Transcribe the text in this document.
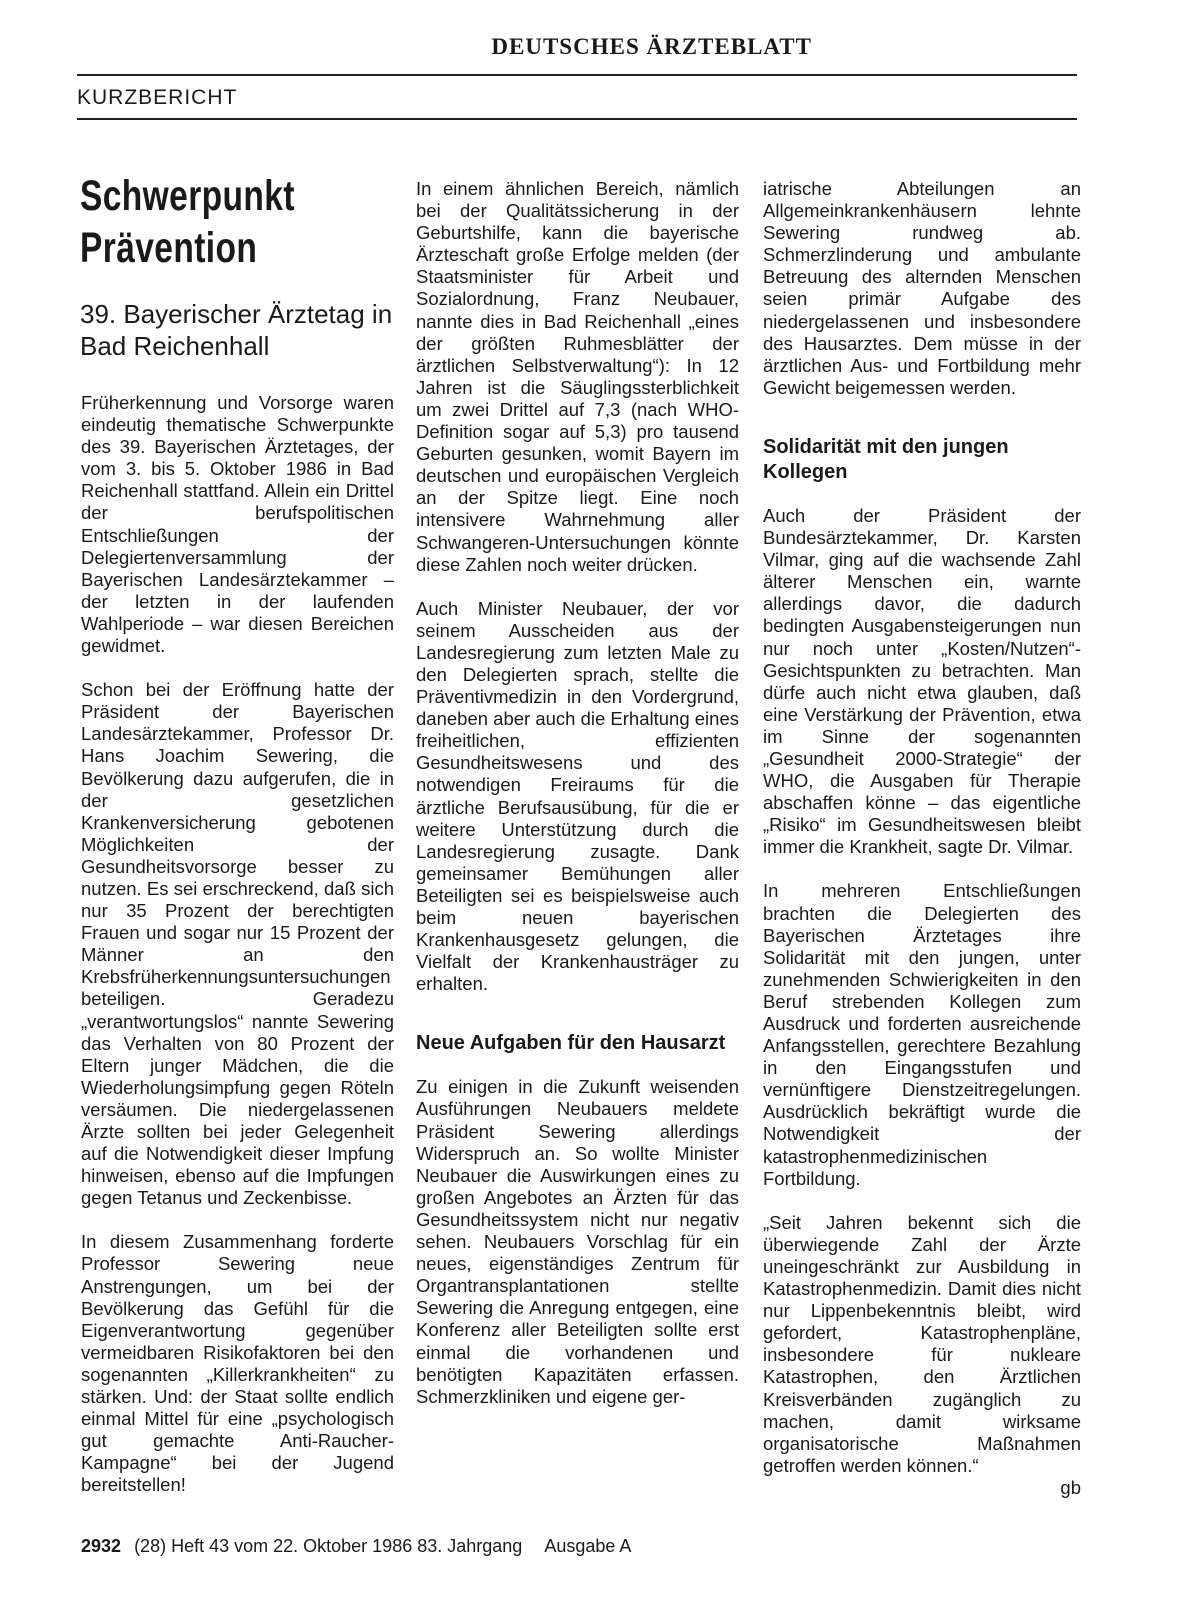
DEUTSCHES ÄRZTEBLATT
KURZBERICHT
Schwerpunkt Prävention
39. Bayerischer Ärztetag in Bad Reichenhall

Früherkennung und Vorsorge waren eindeutig thematische Schwerpunkte des 39. Bayerischen Ärztetages, der vom 3. bis 5. Oktober 1986 in Bad Reichenhall stattfand. Allein ein Drittel der berufspolitischen Entschließungen der Delegiertenversammlung der Bayerischen Landesärztekammer – der letzten in der laufenden Wahlperiode – war diesen Bereichen gewidmet.

Schon bei der Eröffnung hatte der Präsident der Bayerischen Landesärztekammer, Professor Dr. Hans Joachim Sewering, die Bevölkerung dazu aufgerufen, die in der gesetzlichen Krankenversicherung gebotenen Möglichkeiten der Gesundheitsvorsorge besser zu nutzen. Es sei erschreckend, daß sich nur 35 Prozent der berechtigten Frauen und sogar nur 15 Prozent der Männer an den Krebsfrüherkennungsuntersuchungen beteiligen. Geradezu „verantwortungslos“ nannte Sewering das Verhalten von 80 Prozent der Eltern junger Mädchen, die die Wiederholungsimpfung gegen Röteln versäumen. Die niedergelassenen Ärzte sollten bei jeder Gelegenheit auf die Notwendigkeit dieser Impfung hinweisen, ebenso auf die Impfungen gegen Tetanus und Zeckenbisse.

In diesem Zusammenhang forderte Professor Sewering neue Anstrengungen, um bei der Bevölkerung das Gefühl für die Eigenverantwortung gegenüber vermeidbaren Risikofaktoren bei den sogenannten „Killerkrankheiten“ zu stärken. Und: der Staat sollte endlich einmal Mittel für eine „psychologisch gut gemachte Anti-Raucher-Kampagne“ bei der Jugend bereitstellen!

In einem ähnlichen Bereich, nämlich bei der Qualitätssicherung in der Geburtshilfe, kann die bayerische Ärzteschaft große Erfolge melden (der Staatsminister für Arbeit und Sozialordnung, Franz Neubauer, nannte dies in Bad Reichenhall „eines der größten Ruhmesblätter der ärztlichen Selbstverwaltung“): In 12 Jahren ist die Säuglingssterblichkeit um zwei Drittel auf 7,3 (nach WHO-Definition sogar auf 5,3) pro tausend Geburten gesunken, womit Bayern im deutschen und europäischen Vergleich an der Spitze liegt. Eine noch intensivere Wahrnehmung aller Schwangeren-Untersuchungen könnte diese Zahlen noch weiter drücken.

Auch Minister Neubauer, der vor seinem Ausscheiden aus der Landesregierung zum letzten Male zu den Delegierten sprach, stellte die Präventivmedizin in den Vordergrund, daneben aber auch die Erhaltung eines freiheitlichen, effizienten Gesundheitswesens und des notwendigen Freiraums für die ärztliche Berufsausübung, für die er weitere Unterstützung durch die Landesregierung zusagte. Dank gemeinsamer Bemühungen aller Beteiligten sei es beispielsweise auch beim neuen bayerischen Krankenhausgesetz gelungen, die Vielfalt der Krankenhausträger zu erhalten.

Neue Aufgaben für den Hausarzt

Zu einigen in die Zukunft weisenden Ausführungen Neubauers meldete Präsident Sewering allerdings Widerspruch an. So wollte Minister Neubauer die Auswirkungen eines zu großen Angebotes an Ärzten für das Gesundheitssystem nicht nur negativ sehen. Neubauers Vorschlag für ein neues, eigenständiges Zentrum für Organtransplantationen stellte Sewering die Anregung entgegen, eine Konferenz aller Beteiligten sollte erst einmal die vorhandenen und benötigten Kapazitäten erfassen. Schmerzkliniken und eigene ger-

iatrische Abteilungen an Allgemeinkrankenhäusern lehnte Sewering rundweg ab. Schmerzlinderung und ambulante Betreuung des alternden Menschen seien primär Aufgabe des niedergelassenen und insbesondere des Hausarztes. Dem müsse in der ärztlichen Aus- und Fortbildung mehr Gewicht beigemessen werden.

Solidarität mit den jungen Kollegen

Auch der Präsident der Bundesärztekammer, Dr. Karsten Vilmar, ging auf die wachsende Zahl älterer Menschen ein, warnte allerdings davor, die dadurch bedingten Ausgabensteigerungen nun nur noch unter „Kosten/Nutzen“-Gesichtspunkten zu betrachten. Man dürfe auch nicht etwa glauben, daß eine Verstärkung der Prävention, etwa im Sinne der sogenannten „Gesundheit 2000-Strategie“ der WHO, die Ausgaben für Therapie abschaffen könne – das eigentliche „Risiko“ im Gesundheitswesen bleibt immer die Krankheit, sagte Dr. Vilmar.

In mehreren Entschließungen brachten die Delegierten des Bayerischen Ärztetages ihre Solidarität mit den jungen, unter zunehmenden Schwierigkeiten in den Beruf strebenden Kollegen zum Ausdruck und forderten ausreichende Anfangsstellen, gerechtere Bezahlung in den Eingangsstufen und vernünftigere Dienstzeitregelungen. Ausdrücklich bekräftigt wurde die Notwendigkeit der katastrophenmedizinischen Fortbildung.

„Seit Jahren bekennt sich die überwiegende Zahl der Ärzte uneingeschränkt zur Ausbildung in Katastrophenmedizin. Damit dies nicht nur Lippenbekenntnis bleibt, wird gefordert, Katastrophenpläne, insbesondere für nukleare Katastrophen, den Ärztlichen Kreisverbänden zugänglich zu machen, damit wirksame organisatorische Maßnahmen getroffen werden können.“

gb
2932 (28) Heft 43 vom 22. Oktober 1986 83. Jahrgang Ausgabe A
